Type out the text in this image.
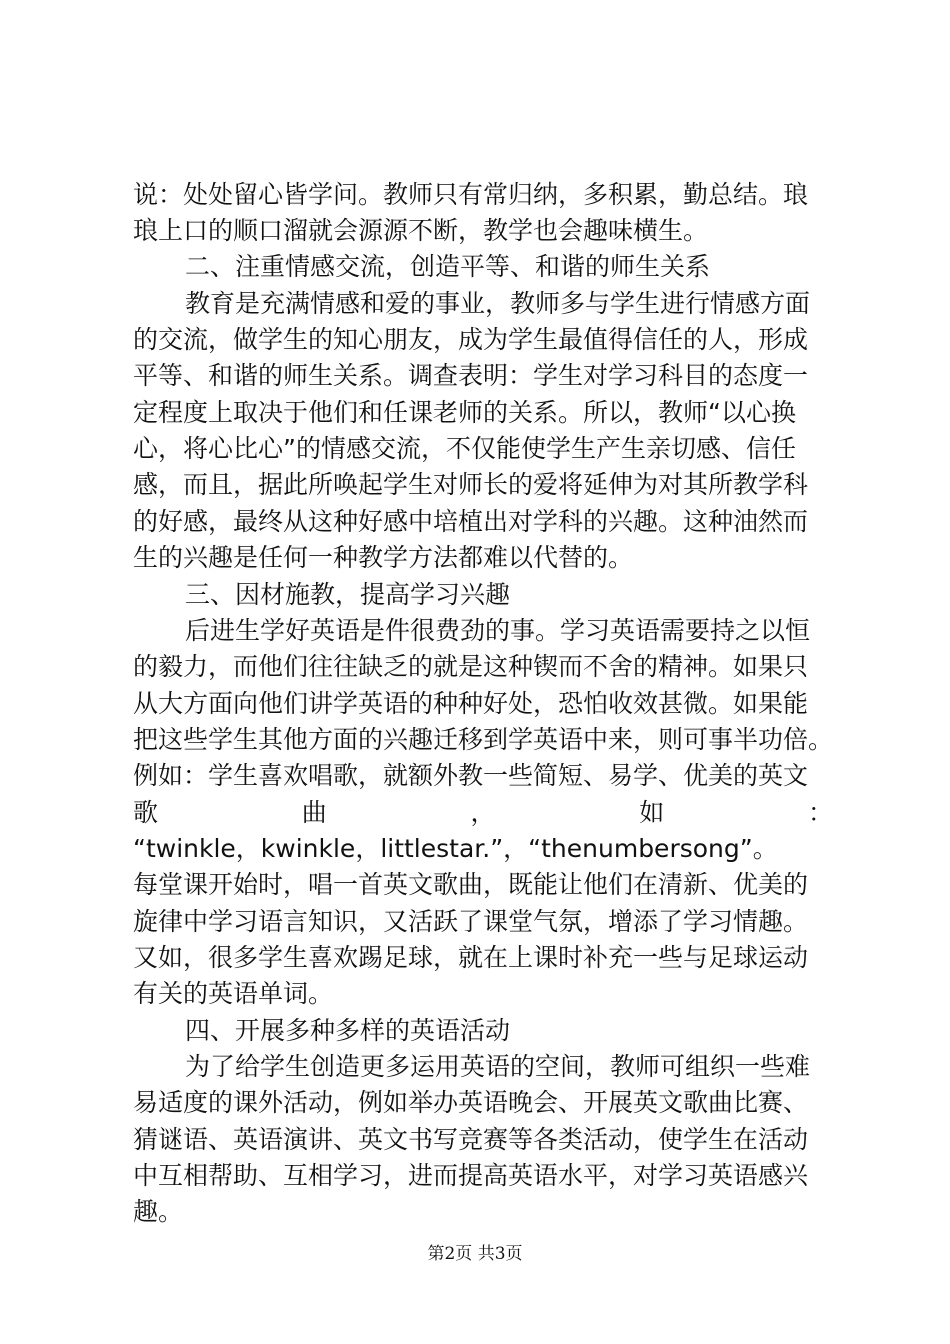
说：处处留心皆学问。教师只有常归纳，多积累，勤总结。琅
琅上口的顺口溜就会源源不断，教学也会趣味横生。
二、注重情感交流，创造平等、和谐的师生关系
教育是充满情感和爱的事业，教师多与学生进行情感方面
的交流，做学生的知心朋友，成为学生最值得信任的人，形成
平等、和谐的师生关系。调查表明：学生对学习科目的态度一
定程度上取决于他们和任课老师的关系。所以，教师“以心换
心，将心比心”的情感交流，不仅能使学生产生亲切感、信任
感，而且，据此所唤起学生对师长的爱将延伸为对其所教学科
的好感，最终从这种好感中培植出对学科的兴趣。这种油然而
生的兴趣是任何一种教学方法都难以代替的。
三、因材施教，提高学习兴趣
后进生学好英语是件很费劲的事。学习英语需要持之以恒
的毅力，而他们往往缺乏的就是这种锲而不舍的精神。如果只
从大方面向他们讲学英语的种种好处，恐怕收效甚微。如果能
把这些学生其他方面的兴趣迁移到学英语中来，则可事半功倍。
例如：学生喜欢唱歌，就额外教一些简短、易学、优美的英文
歌 曲 ， 如 ：
“twinkle，kwinkle，littlestar.”，“thenumbersong”。
每堂课开始时，唱一首英文歌曲，既能让他们在清新、优美的
旋律中学习语言知识，又活跃了课堂气氛，增添了学习情趣。
又如，很多学生喜欢踢足球，就在上课时补充一些与足球运动
有关的英语单词。
四、开展多种多样的英语活动
为了给学生创造更多运用英语的空间，教师可组织一些难
易适度的课外活动，例如举办英语晚会、开展英文歌曲比赛、
猜谜语、英语演讲、英文书写竞赛等各类活动，使学生在活动
中互相帮助、互相学习，进而提高英语水平，对学习英语感兴
趣。
第2页 共3页
